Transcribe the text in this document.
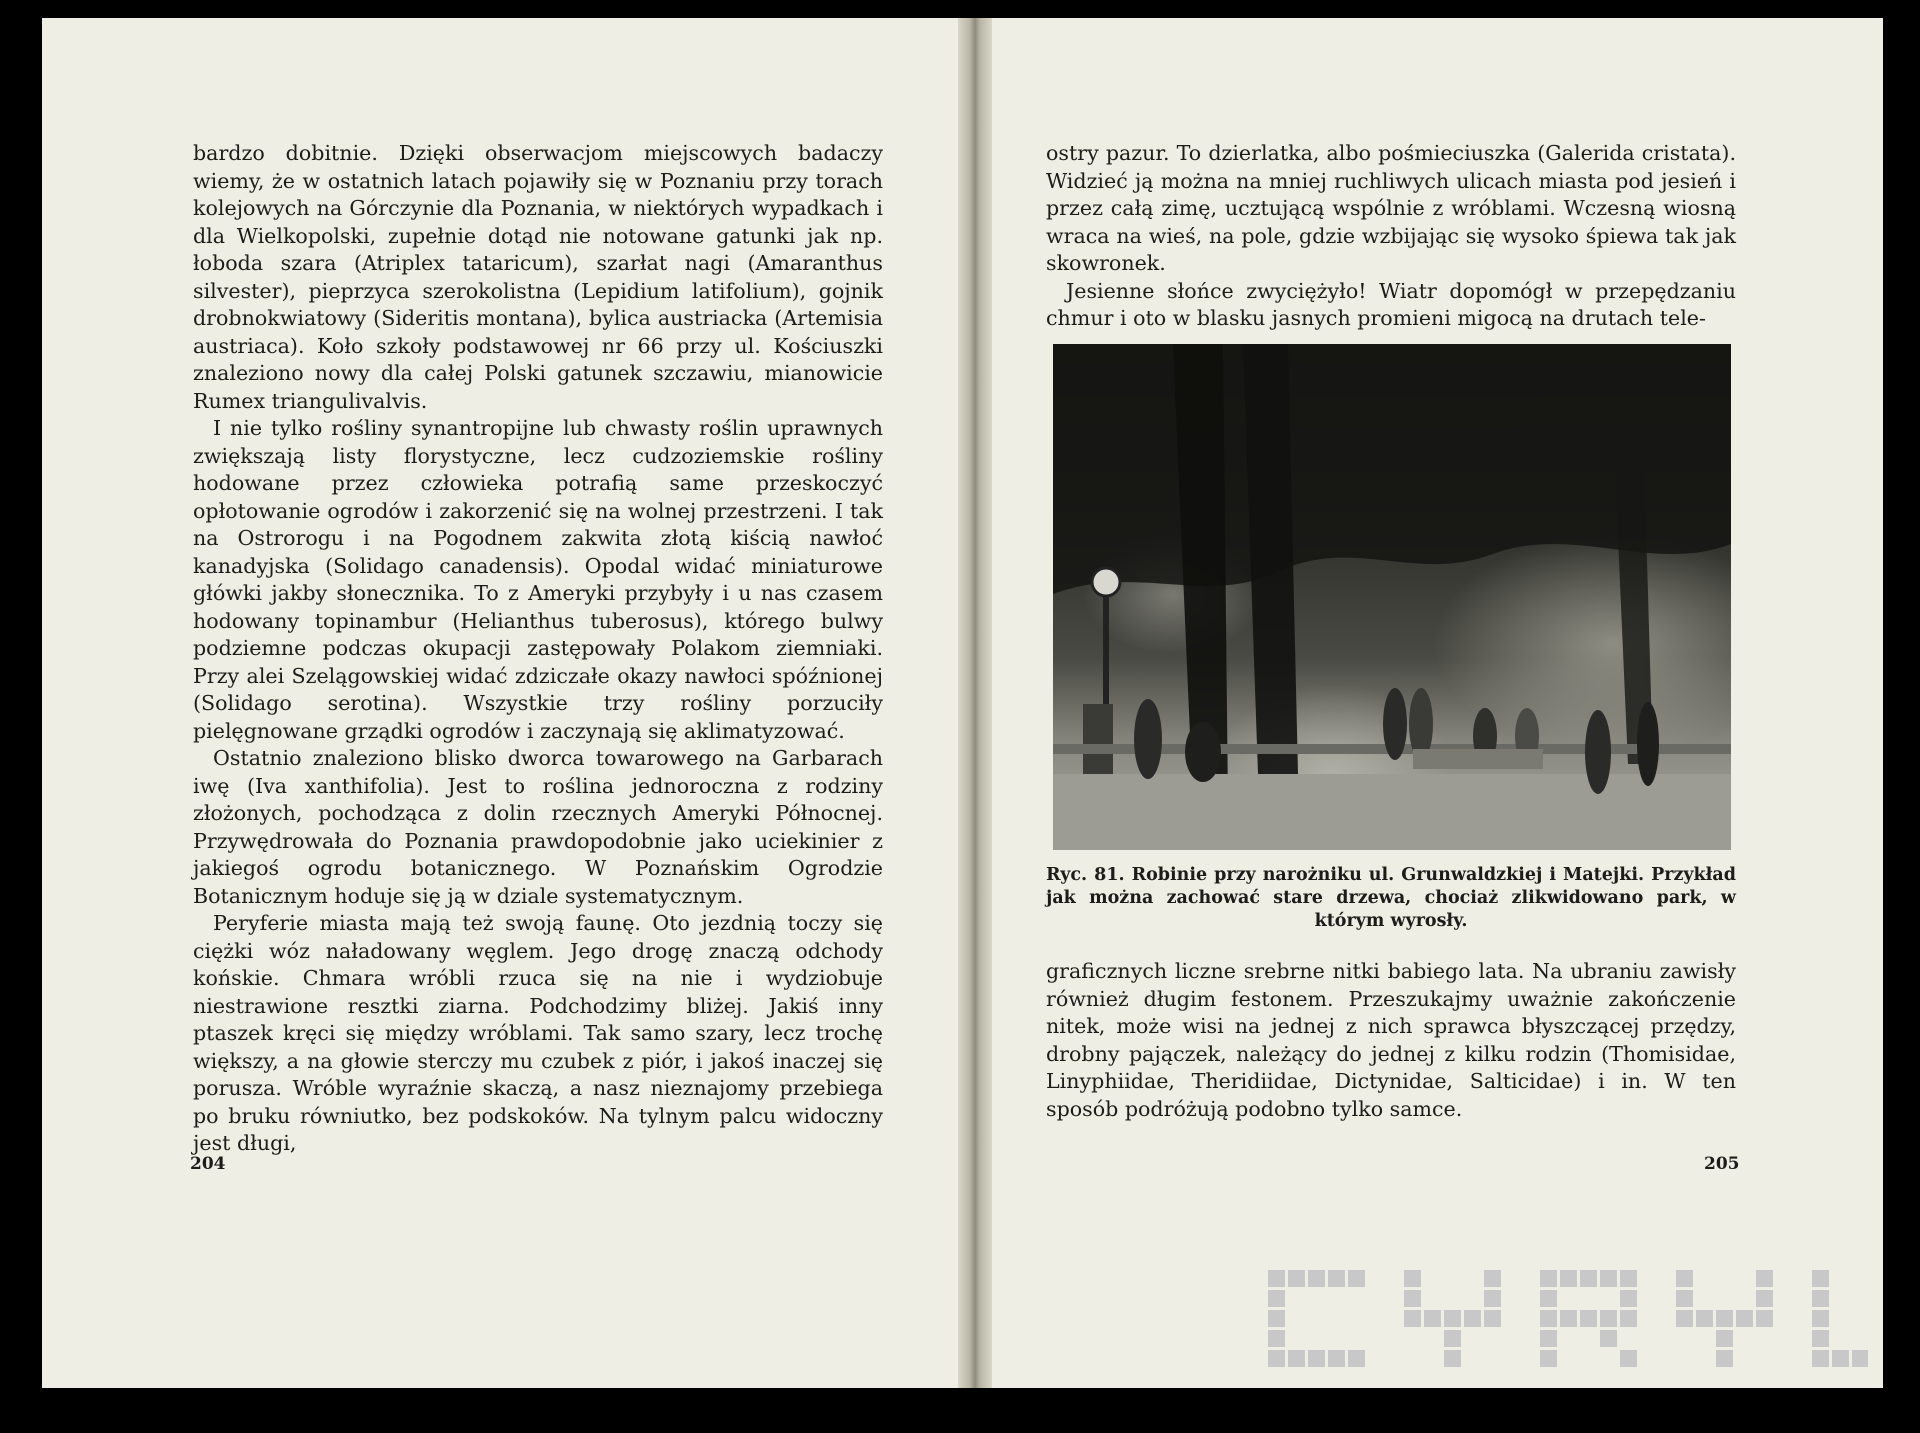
bardzo dobitnie. Dzięki obserwacjom miejscowych badaczy wiemy, że w ostatnich latach pojawiły się w Poznaniu przy torach kolejowych na Górczynie dla Poznania, w niektórych wypadkach i dla Wielkopolski, zupełnie dotąd nie notowane gatunki jak np. łoboda szara (Atriplex tataricum), szarłat nagi (Amaranthus silvester), pieprzyca szerokolistna (Lepidium latifolium), gojnik drobnokwiatowy (Sideritis montana), bylica austriacka (Artemisia austriaca). Koło szkoły podstawowej nr 66 przy ul. Kościuszki znaleziono nowy dla całej Polski gatunek szczawiu, mianowicie Rumex triangulivalvis.

I nie tylko rośliny synantropijne lub chwasty roślin uprawnych zwiększają listy florystyczne, lecz cudzoziemskie rośliny hodowane przez człowieka potrafią same przeskoczyć opłotowanie ogrodów i zakorzenić się na wolnej przestrzeni. I tak na Ostrorogu i na Pogodnem zakwita złotą kiścią nawłoć kanadyjska (Solidago canadensis). Opodal widać miniaturowe główki jakby słonecznika. To z Ameryki przybyły i u nas czasem hodowany topinambur (Helianthus tuberosus), którego bulwy podziemne podczas okupacji zastępowały Polakom ziemniaki. Przy alei Szelągowskiej widać zdziczałe okazy nawłoci spóźnionej (Solidago serotina). Wszystkie trzy rośliny porzuciły pielęgnowane grządki ogrodów i zaczynają się aklimatyzować.

Ostatnio znaleziono blisko dworca towarowego na Garbarach iwę (Iva xanthifolia). Jest to roślina jednoroczna z rodziny złożonych, pochodząca z dolin rzecznych Ameryki Północnej. Przywędrowała do Poznania prawdopodobnie jako uciekinier z jakiegoś ogrodu botanicznego. W Poznańskim Ogrodzie Botanicznym hoduje się ją w dziale systematycznym.

Peryferie miasta mają też swoją faunę. Oto jezdnią toczy się ciężki wóz naładowany węglem. Jego drogę znaczą odchody końskie. Chmara wróbli rzuca się na nie i wydziobuje niestrawione resztki ziarna. Podchodzimy bliżej. Jakiś inny ptaszek kręci się między wróblami. Tak samo szary, lecz trochę większy, a na głowie sterczy mu czubek z piór, i jakoś inaczej się porusza. Wróble wyraźnie skaczą, a nasz nieznajomy przebiega po bruku równiutko, bez podskoków. Na tylnym palcu widoczny jest długi,

204

ostry pazur. To dzierlatka, albo pośmieciuszka (Galerida cristata). Widzieć ją można na mniej ruchliwych ulicach miasta pod jesień i przez całą zimę, ucztującą wspólnie z wróblami. Wczesną wiosną wraca na wieś, na pole, gdzie wzbijając się wysoko śpiewa tak jak skowronek.

Jesienne słońce zwyciężyło! Wiatr dopomógł w przepędzaniu chmur i oto w blasku jasnych promieni migocą na drutach tele-

Ryc. 81. Robinie przy narożniku ul. Grunwaldzkiej i Matejki. Przykład jak można zachować stare drzewa, chociaż zlikwidowano park, w którym wyrosły.

graficznych liczne srebrne nitki babiego lata. Na ubraniu zawisły również długim festonem. Przeszukajmy uważnie zakończenie nitek, może wisi na jednej z nich sprawca błyszczącej przędzy, drobny pajączek, należący do jednej z kilku rodzin (Thomisidae, Linyphiidae, Theridiidae, Dictynidae, Salticidae) i in. W ten sposób podróżują podobno tylko samce.

205
